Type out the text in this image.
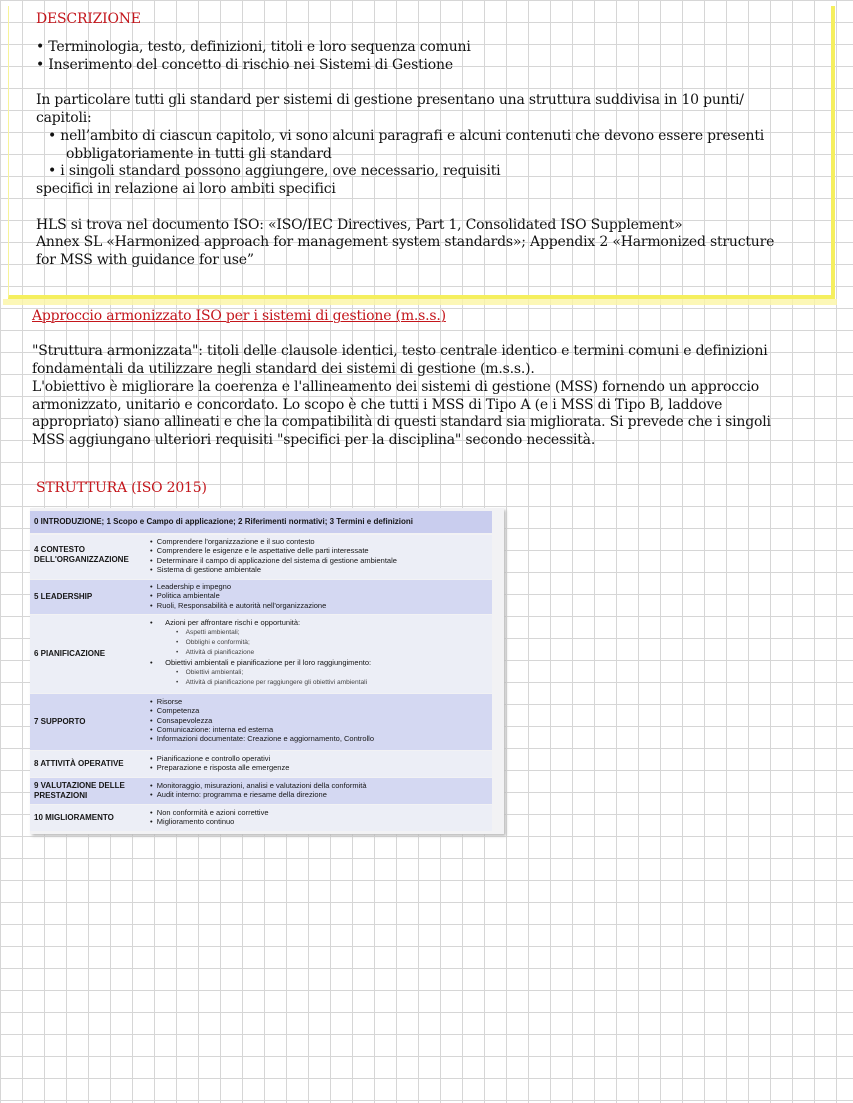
DESCRIZIONE
• Terminologia, testo, definizioni, titoli e loro sequenza comuni
• Inserimento del concetto di rischio nei Sistemi di Gestione
In particolare tutti gli standard per sistemi di gestione presentano una struttura suddivisa in 10 punti/
capitoli:
• nell’ambito di ciascun capitolo, vi sono alcuni paragrafi e alcuni contenuti che devono essere presenti
obbligatoriamente in tutti gli standard
• i singoli standard possono aggiungere, ove necessario, requisiti
specifici in relazione ai loro ambiti specifici
HLS si trova nel documento ISO: «ISO/IEC Directives, Part 1, Consolidated ISO Supplement»
Annex SL «Harmonized approach for management system standards»; Appendix 2 «Harmonized structure
for MSS with guidance for use”
Approccio armonizzato ISO per i sistemi di gestione (m.s.s.)
"Struttura armonizzata": titoli delle clausole identici, testo centrale identico e termini comuni e definizioni
fondamentali da utilizzare negli standard dei sistemi di gestione (m.s.s.).
L'obiettivo è migliorare la coerenza e l'allineamento dei sistemi di gestione (MSS) fornendo un approccio
armonizzato, unitario e concordato. Lo scopo è che tutti i MSS di Tipo A (e i MSS di Tipo B, laddove
appropriato) siano allineati e che la compatibilità di questi standard sia migliorata. Si prevede che i singoli
MSS aggiungano ulteriori requisiti "specifici per la disciplina" secondo necessità.
STRUTTURA (ISO 2015)
0 INTRODUZIONE; 1 Scopo e Campo di applicazione; 2 Riferimenti normativi; 3 Termini e definizioni
4 CONTESTO DELL'ORGANIZZAZIONE
•  Comprendere l'organizzazione e il suo contesto
•  Comprendere le esigenze e le aspettative delle parti interessate
•  Determinare il campo di applicazione del sistema di gestione ambientale
•  Sistema di gestione ambientale
5 LEADERSHIP
•  Leadership e impegno
•  Politica ambientale
•  Ruoli, Responsabilità e autorità nell'organizzazione
6 PIANIFICAZIONE
•      Azioni per affrontare rischi e opportunità:
•    Aspetti ambientali;
•    Obblighi e conformità;
•    Attività di pianificazione
•      Obiettivi ambientali e pianificazione per il loro raggiungimento:
•    Obiettivi ambientali;
•    Attività di pianificazione per raggiungere gli obiettivi ambientali
7 SUPPORTO
•  Risorse
•  Competenza
•  Consapevolezza
•  Comunicazione: interna ed esterna
•  Informazioni documentate: Creazione e aggiornamento, Controllo
8 ATTIVITÀ OPERATIVE
•  Pianificazione e controllo operativi
•  Preparazione e risposta alle emergenze
9 VALUTAZIONE DELLE PRESTAZIONI
•  Monitoraggio, misurazioni, analisi e valutazioni della conformità
•  Audit interno: programma e riesame della direzione
10 MIGLIORAMENTO
•  Non conformità e azioni correttive
•  Miglioramento continuo
